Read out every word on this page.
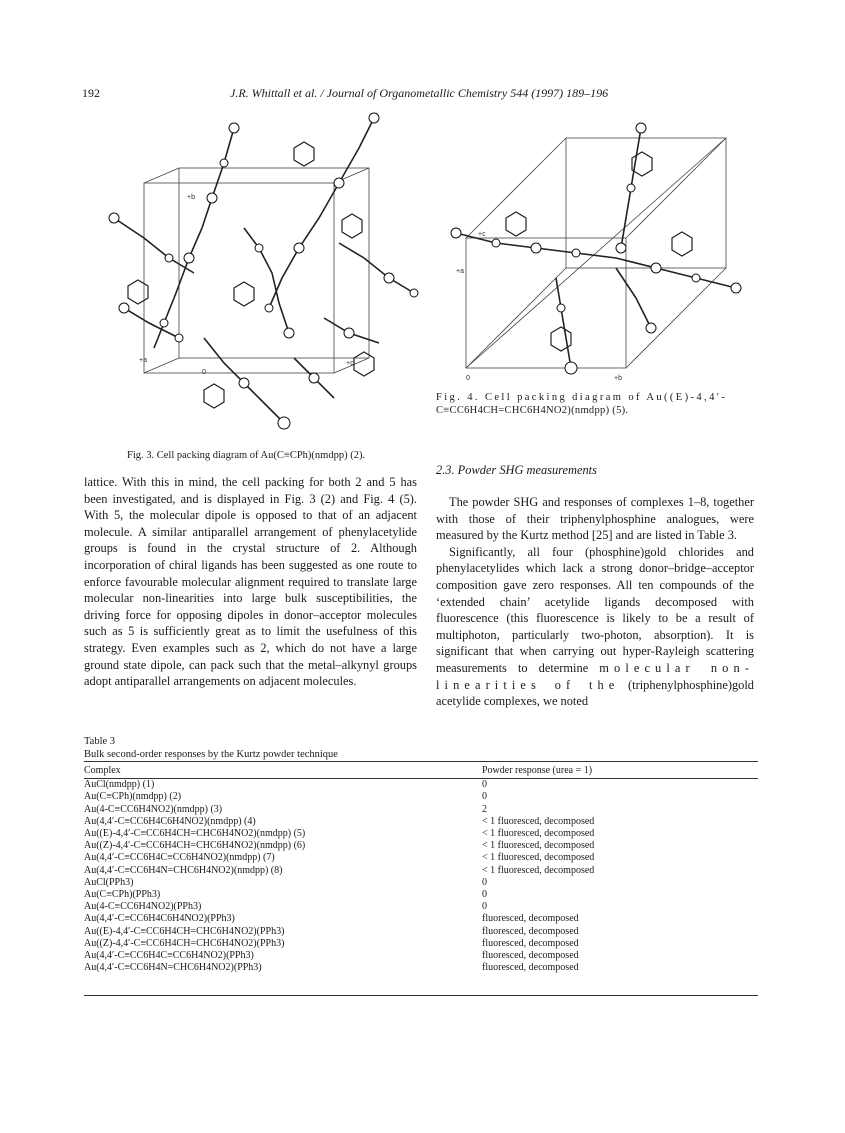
192	J.R. Whittall et al. / Journal of Organometallic Chemistry 544 (1997) 189–196
+b
+a
0
+c
+c
+a
0	+b
Fig. 4. Cell packing diagram of Au((E)-4,4′-
C≡CC6H4CH=CHC6H4NO2)(nmdpp) (5).
Fig. 3. Cell packing diagram of Au(C≡CPh)(nmdpp) (2).
2.3. Powder SHG measurements

lattice. With this in mind, the cell packing for both 2 and 5 has been investigated, and is displayed in Fig. 3 (2) and Fig. 4 (5). With 5, the molecular dipole is opposed to that of an adjacent molecule. A similar antiparallel arrangement of phenylacetylide groups is found in the crystal structure of 2. Although incorporation of chiral ligands has been suggested as one route to enforce favourable molecular alignment required to translate large molecular non-linearities into large bulk susceptibilities, the driving force for opposing dipoles in donor–acceptor molecules such as 5 is sufficiently great as to limit the usefulness of this strategy. Even examples such as 2, which do not have a large ground state dipole, can pack such that the metal–alkynyl groups adopt antiparallel arrangements on adjacent molecules.

The powder SHG and responses of complexes 1–8, together with those of their triphenylphosphine analogues, were measured by the Kurtz method [25] and are listed in Table 3.

Significantly, all four (phosphine)gold chlorides and phenylacetylides which lack a strong donor–bridge–acceptor composition gave zero responses. All ten compounds of the ‘extended chain’ acetylide ligands decomposed with fluorescence (this fluorescence is likely to be a result of multiphoton, particularly two-photon, absorption). It is significant that when carrying out hyper-Rayleigh scattering measurements to determine molecular non-linearities of the (triphenylphosphine)gold acetylide complexes, we noted

Table 3
Bulk second-order responses by the Kurtz powder technique
Complex	Powder response (urea = 1)
AuCl(nmdpp) (1)	0
Au(C≡CPh)(nmdpp) (2)	0
Au(4-C≡CC6H4NO2)(nmdpp) (3)	2
Au(4,4′-C≡CC6H4C6H4NO2)(nmdpp) (4)	< 1 fluoresced, decomposed
Au((E)-4,4′-C≡CC6H4CH=CHC6H4NO2)(nmdpp) (5)	< 1 fluoresced, decomposed
Au((Z)-4,4′-C≡CC6H4CH=CHC6H4NO2)(nmdpp) (6)	< 1 fluoresced, decomposed
Au(4,4′-C≡CC6H4C≡CC6H4NO2)(nmdpp) (7)	< 1 fluoresced, decomposed
Au(4,4′-C≡CC6H4N=CHC6H4NO2)(nmdpp) (8)	< 1 fluoresced, decomposed
AuCl(PPh3)	0
Au(C≡CPh)(PPh3)	0
Au(4-C≡CC6H4NO2)(PPh3)	0
Au(4,4′-C≡CC6H4C6H4NO2)(PPh3)	fluoresced, decomposed
Au((E)-4,4′-C≡CC6H4CH=CHC6H4NO2)(PPh3)	fluoresced, decomposed
Au((Z)-4,4′-C≡CC6H4CH=CHC6H4NO2)(PPh3)	fluoresced, decomposed
Au(4,4′-C≡CC6H4C≡CC6H4NO2)(PPh3)	fluoresced, decomposed
Au(4,4′-C≡CC6H4N=CHC6H4NO2)(PPh3)	fluoresced, decomposed
